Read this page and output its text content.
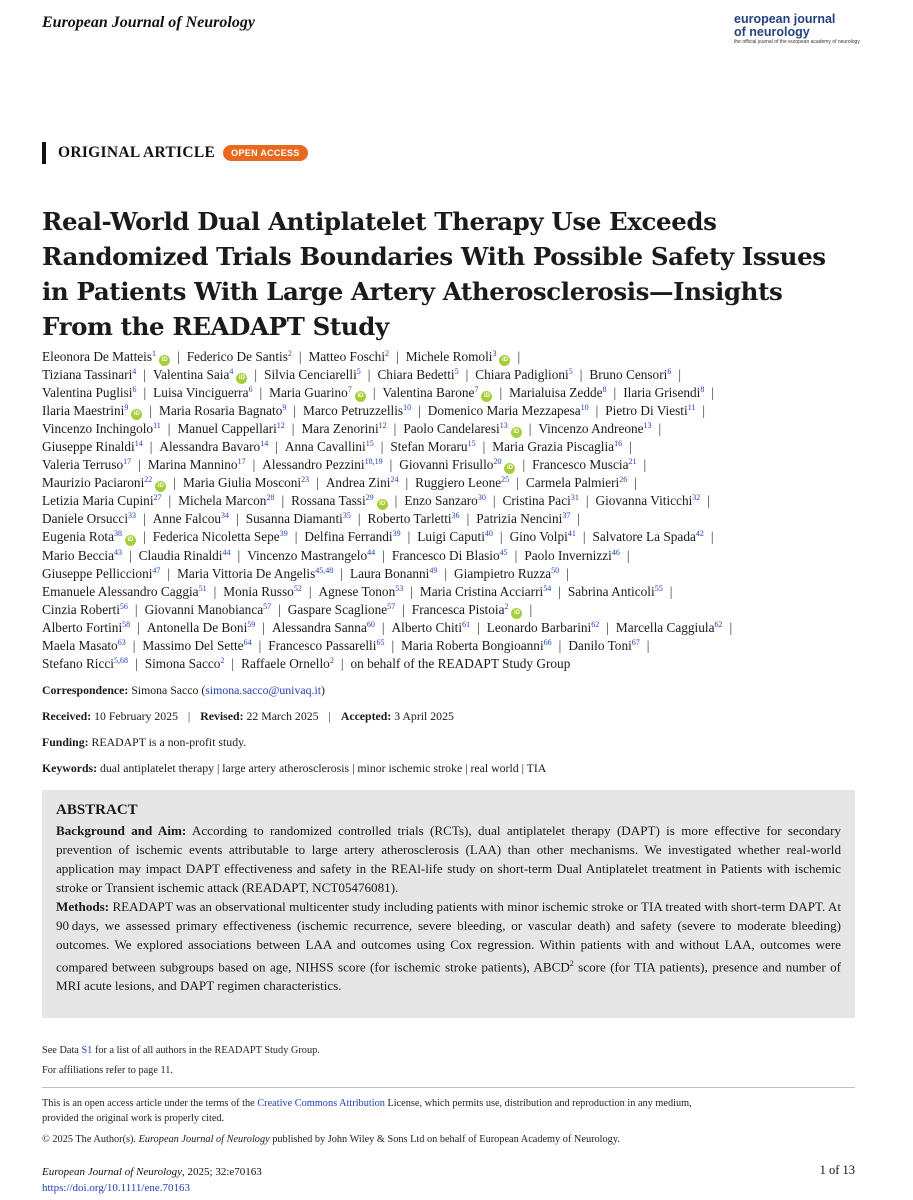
European Journal of Neurology	european journal
of neurology
the official journal of the european academy of neurology
ORIGINAL ARTICLE	OPEN ACCESS
Real-World Dual Antiplatelet Therapy Use Exceeds
Randomized Trials Boundaries With Possible Safety Issues
in Patients With Large Artery Atherosclerosis—Insights
From the READAPT Study
Eleonora De Matteis$^1$iD | Federico De Santis$^2$ | Matteo Foschi$^2$ | Michele Romoli$^3$iD |
Tiziana Tassinari$^4$ | Valentina Saia$^4$iD | Silvia Cenciarelli$^5$ | Chiara Bedetti$^5$ | Chiara Padiglioni$^5$ | Bruno Censori$^6$ |
Valentina Puglisi$^6$ | Luisa Vinciguerra$^6$ | Maria Guarino$^7$iD | Valentina Barone$^7$iD | Marialuisa Zedde$^8$ | Ilaria Grisendi$^8$ |
Ilaria Maestrini$^9$iD | Maria Rosaria Bagnato$^9$ | Marco Petruzzellis$^{10}$ | Domenico Maria Mezzapesa$^{10}$ | Pietro Di Viesti$^{11}$ |
Vincenzo Inchingolo$^{11}$ | Manuel Cappellari$^{12}$ | Mara Zenorini$^{12}$ | Paolo Candelaresi$^{13}$iD | Vincenzo Andreone$^{13}$ |
Giuseppe Rinaldi$^{14}$ | Alessandra Bavaro$^{14}$ | Anna Cavallini$^{15}$ | Stefan Moraru$^{15}$ | Maria Grazia Piscaglia$^{16}$ |
Valeria Terruso$^{17}$ | Marina Mannino$^{17}$ | Alessandro Pezzini$^{18,19}$ | Giovanni Frisullo$^{20}$iD | Francesco Muscia$^{21}$ |
Maurizio Paciaroni$^{22}$iD | Maria Giulia Mosconi$^{23}$ | Andrea Zini$^{24}$ | Ruggiero Leone$^{25}$ | Carmela Palmieri$^{26}$ |
Letizia Maria Cupini$^{27}$ | Michela Marcon$^{28}$ | Rossana Tassi$^{29}$iD | Enzo Sanzaro$^{30}$ | Cristina Paci$^{31}$ | Giovanna Viticchi$^{32}$ |
Daniele Orsucci$^{33}$ | Anne Falcou$^{34}$ | Susanna Diamanti$^{35}$ | Roberto Tarletti$^{36}$ | Patrizia Nencini$^{37}$ |
Eugenia Rota$^{38}$iD | Federica Nicoletta Sepe$^{39}$ | Delfina Ferrandi$^{39}$ | Luigi Caputi$^{40}$ | Gino Volpi$^{41}$ | Salvatore La Spada$^{42}$ |
Mario Beccia$^{43}$ | Claudia Rinaldi$^{44}$ | Vincenzo Mastrangelo$^{44}$ | Francesco Di Blasio$^{45}$ | Paolo Invernizzi$^{46}$ |
Giuseppe Pelliccioni$^{47}$ | Maria Vittoria De Angelis$^{45,48}$ | Laura Bonanni$^{49}$ | Giampietro Ruzza$^{50}$ |
Emanuele Alessandro Caggia$^{51}$ | Monia Russo$^{52}$ | Agnese Tonon$^{53}$ | Maria Cristina Acciarri$^{54}$ | Sabrina Anticoli$^{55}$ |
Cinzia Roberti$^{56}$ | Giovanni Manobianca$^{57}$ | Gaspare Scaglione$^{57}$ | Francesca Pistoia$^2$iD |
Alberto Fortini$^{58}$ | Antonella De Boni$^{59}$ | Alessandra Sanna$^{60}$ | Alberto Chiti$^{61}$ | Leonardo Barbarini$^{62}$ | Marcella Caggiula$^{62}$ |
Maela Masato$^{63}$ | Massimo Del Sette$^{64}$ | Francesco Passarelli$^{65}$ | Maria Roberta Bongioanni$^{66}$ | Danilo Toni$^{67}$ |
Stefano Ricci$^{5,68}$ | Simona Sacco$^2$ | Raffaele Ornello$^2$ | on behalf of the READAPT Study Group
Correspondence: Simona Sacco (simona.sacco@univaq.it)
Received: 10 February 2025 | Revised: 22 March 2025 | Accepted: 3 April 2025
Funding: READAPT is a non-profit study.
Keywords: dual antiplatelet therapy | large artery atherosclerosis | minor ischemic stroke | real world | TIA
ABSTRACT

Background and Aim: According to randomized controlled trials (RCTs), dual antiplatelet therapy (DAPT) is more effective for secondary prevention of ischemic events attributable to large artery atherosclerosis (LAA) than other mechanisms. We investigated whether real-world application may impact DAPT effectiveness and safety in the REAl-life study on short-term Dual Antiplatelet treatment in Patients with ischemic stroke or Transient ischemic attack (READAPT, NCT05476081).

Methods: READAPT was an observational multicenter study including patients with minor ischemic stroke or TIA treated with short-term DAPT. At 90 days, we assessed primary effectiveness (ischemic recurrence, severe bleeding, or vascular death) and safety (severe to moderate bleeding) outcomes. We explored associations between LAA and outcomes using Cox regression. Within patients with and without LAA, outcomes were compared between subgroups based on age, NIHSS score (for ischemic stroke patients), ABCD$^2$ score (for TIA patients), presence and number of MRI acute lesions, and DAPT regimen characteristics.

See Data S1 for a list of all authors in the READAPT Study Group.
For affiliations refer to page 11.
This is an open access article under the terms of the Creative Commons Attribution License, which permits use, distribution and reproduction in any medium,
provided the original work is properly cited.
© 2025 The Author(s). European Journal of Neurology published by John Wiley & Sons Ltd on behalf of European Academy of Neurology.
European Journal of Neurology, 2025; 32:e70163
https://doi.org/10.1111/ene.70163
1 of 13
